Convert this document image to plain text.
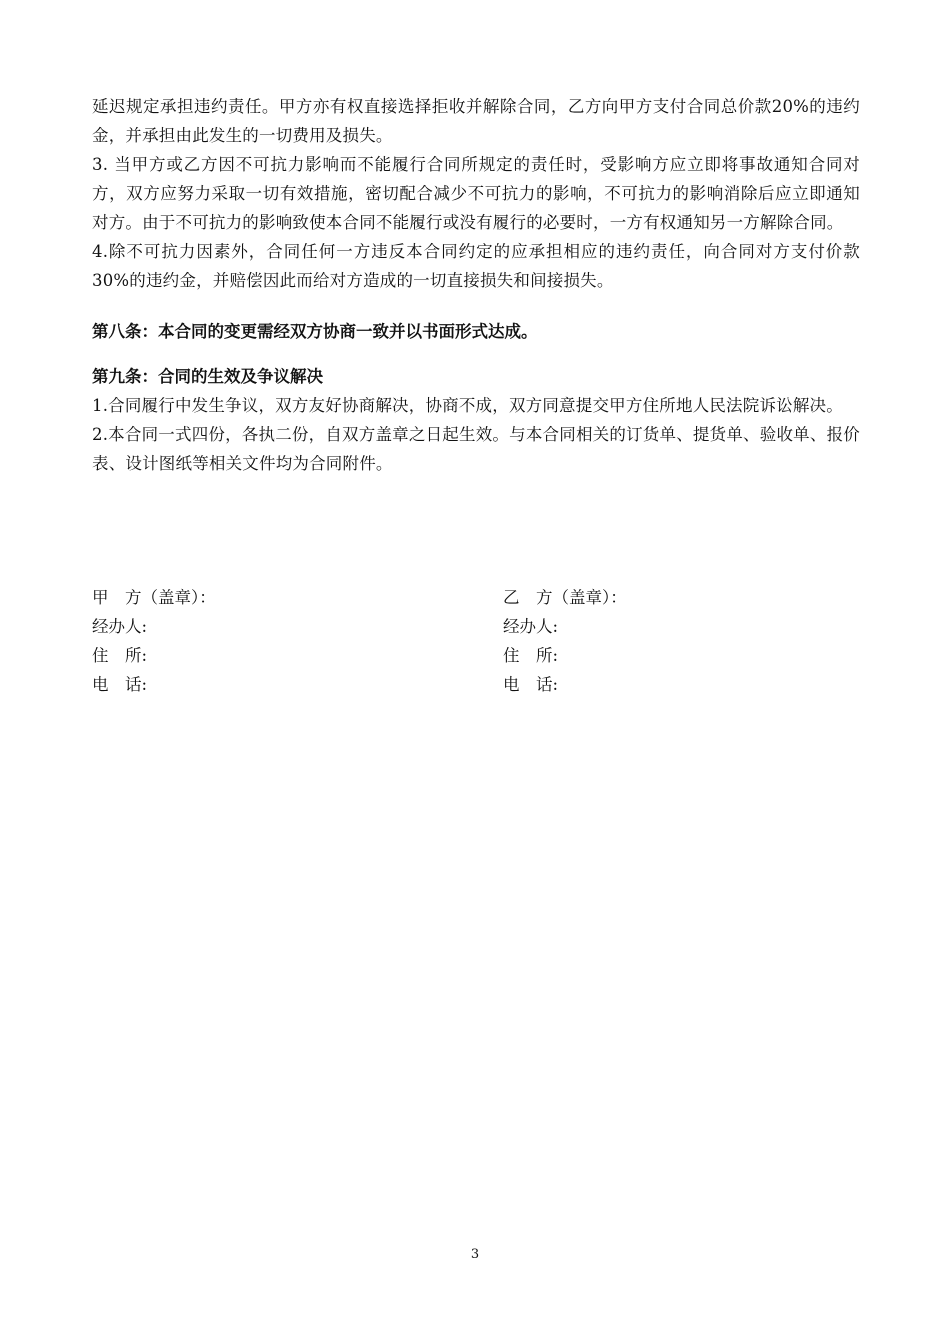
延迟规定承担违约责任。甲方亦有权直接选择拒收并解除合同，乙方向甲方支付合同总价款20%的违约金，并承担由此发生的一切费用及损失。

3. 当甲方或乙方因不可抗力影响而不能履行合同所规定的责任时，受影响方应立即将事故通知合同对方，双方应努力采取一切有效措施，密切配合减少不可抗力的影响，不可抗力的影响消除后应立即通知对方。由于不可抗力的影响致使本合同不能履行或没有履行的必要时，一方有权通知另一方解除合同。

4.除不可抗力因素外，合同任何一方违反本合同约定的应承担相应的违约责任，向合同对方支付价款30%的违约金，并赔偿因此而给对方造成的一切直接损失和间接损失。

第八条：本合同的变更需经双方协商一致并以书面形式达成。

第九条：合同的生效及争议解决

1.合同履行中发生争议，双方友好协商解决，协商不成，双方同意提交甲方住所地人民法院诉讼解决。

2.本合同一式四份，各执二份，自双方盖章之日起生效。与本合同相关的订货单、提货单、验收单、报价表、设计图纸等相关文件均为合同附件。

甲　方（盖章）：	乙　方（盖章）：
经办人:	经办人:
住　所:	住　所:
电　话:	电　话:
3
